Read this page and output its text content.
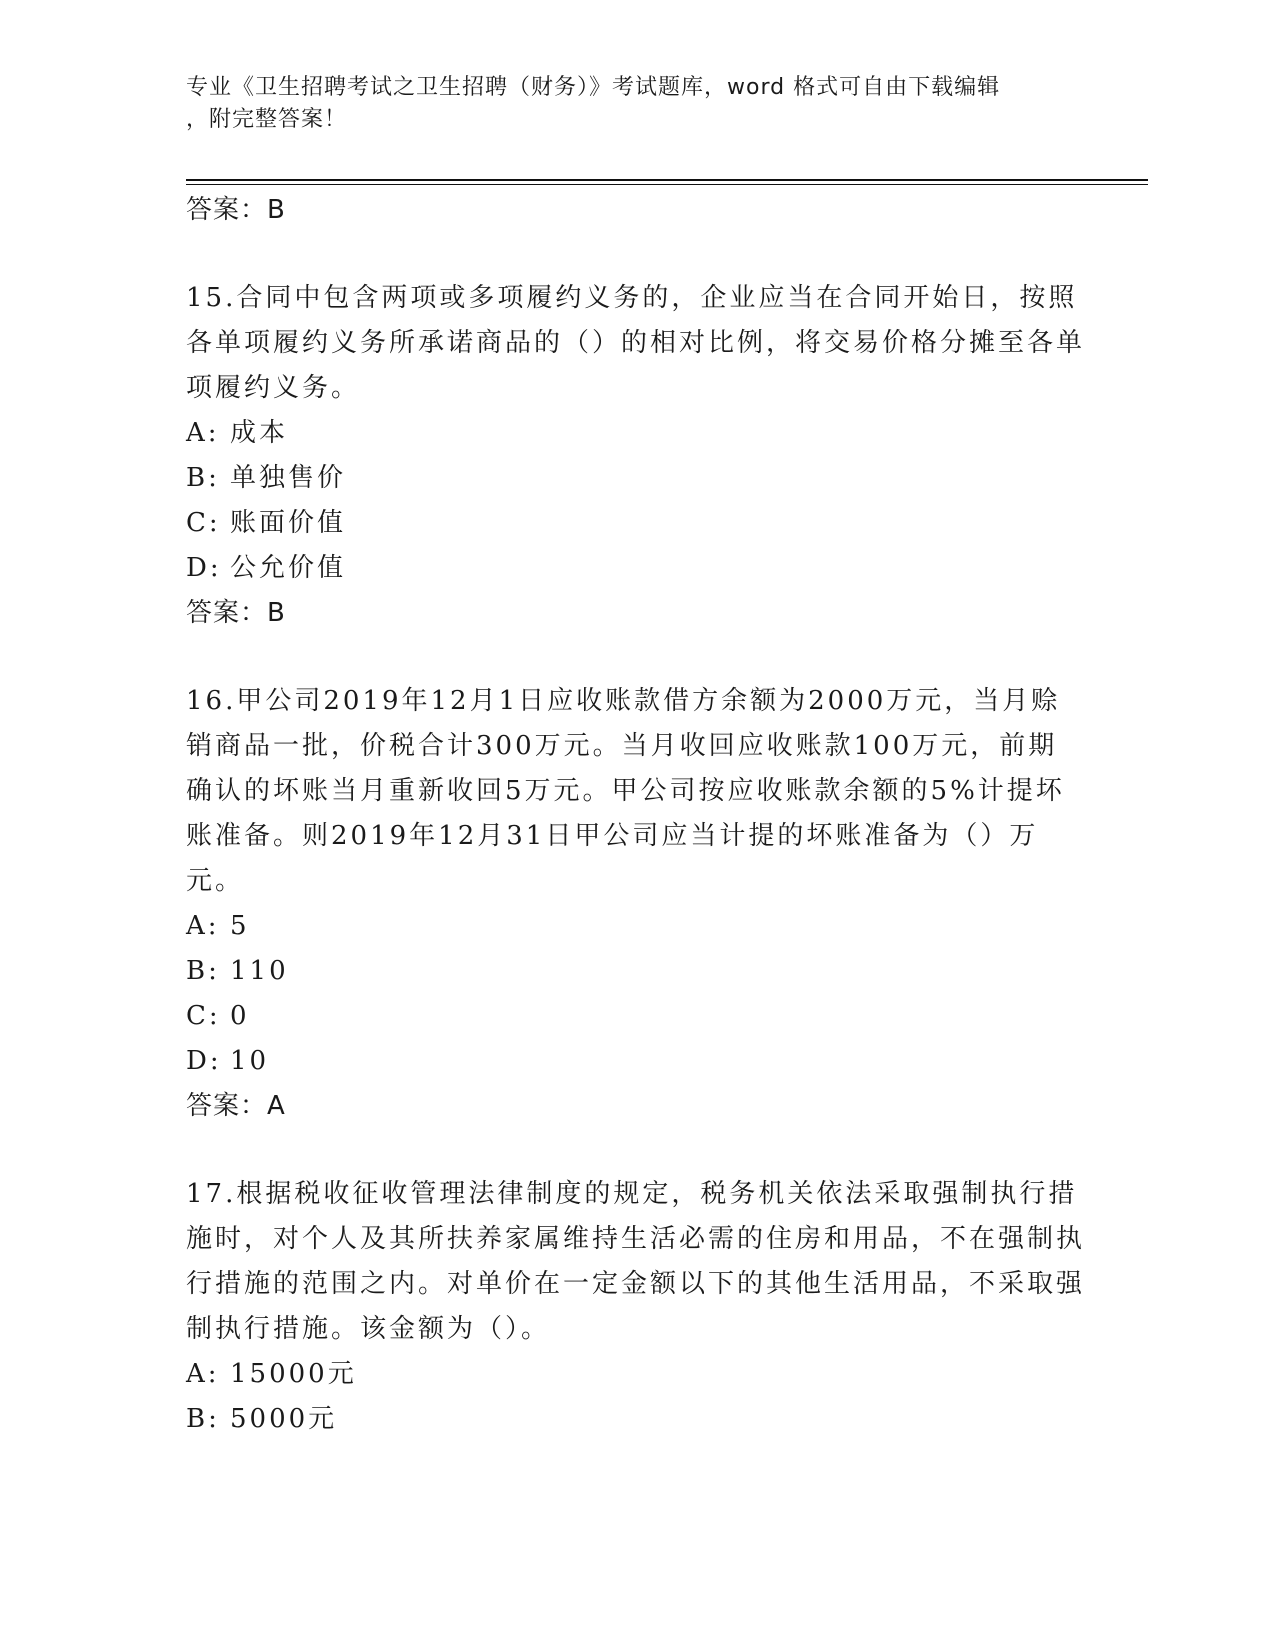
专业《卫生招聘考试之卫生招聘（财务）》考试题库，word 格式可自由下载编辑
，附完整答案！
答案：B
15.合同中包含两项或多项履约义务的，企业应当在合同开始日，按照各单项履约义务所承诺商品的（）的相对比例，将交易价格分摊至各单项履约义务。
A: 成本
B: 单独售价
C: 账面价值
D: 公允价值
答案：B
16.甲公司2019年12月1日应收账款借方余额为2000万元，当月赊销商品一批，价税合计300万元。当月收回应收账款100万元，前期确认的坏账当月重新收回5万元。甲公司按应收账款余额的5%计提坏账准备。则2019年12月31日甲公司应当计提的坏账准备为（）万元。
A: 5
B: 110
C: 0
D: 10
答案：A
17.根据税收征收管理法律制度的规定，税务机关依法采取强制执行措施时，对个人及其所扶养家属维持生活必需的住房和用品，不在强制执行措施的范围之内。对单价在一定金额以下的其他生活用品，不采取强制执行措施。该金额为（）。
A: 15000元
B: 5000元
